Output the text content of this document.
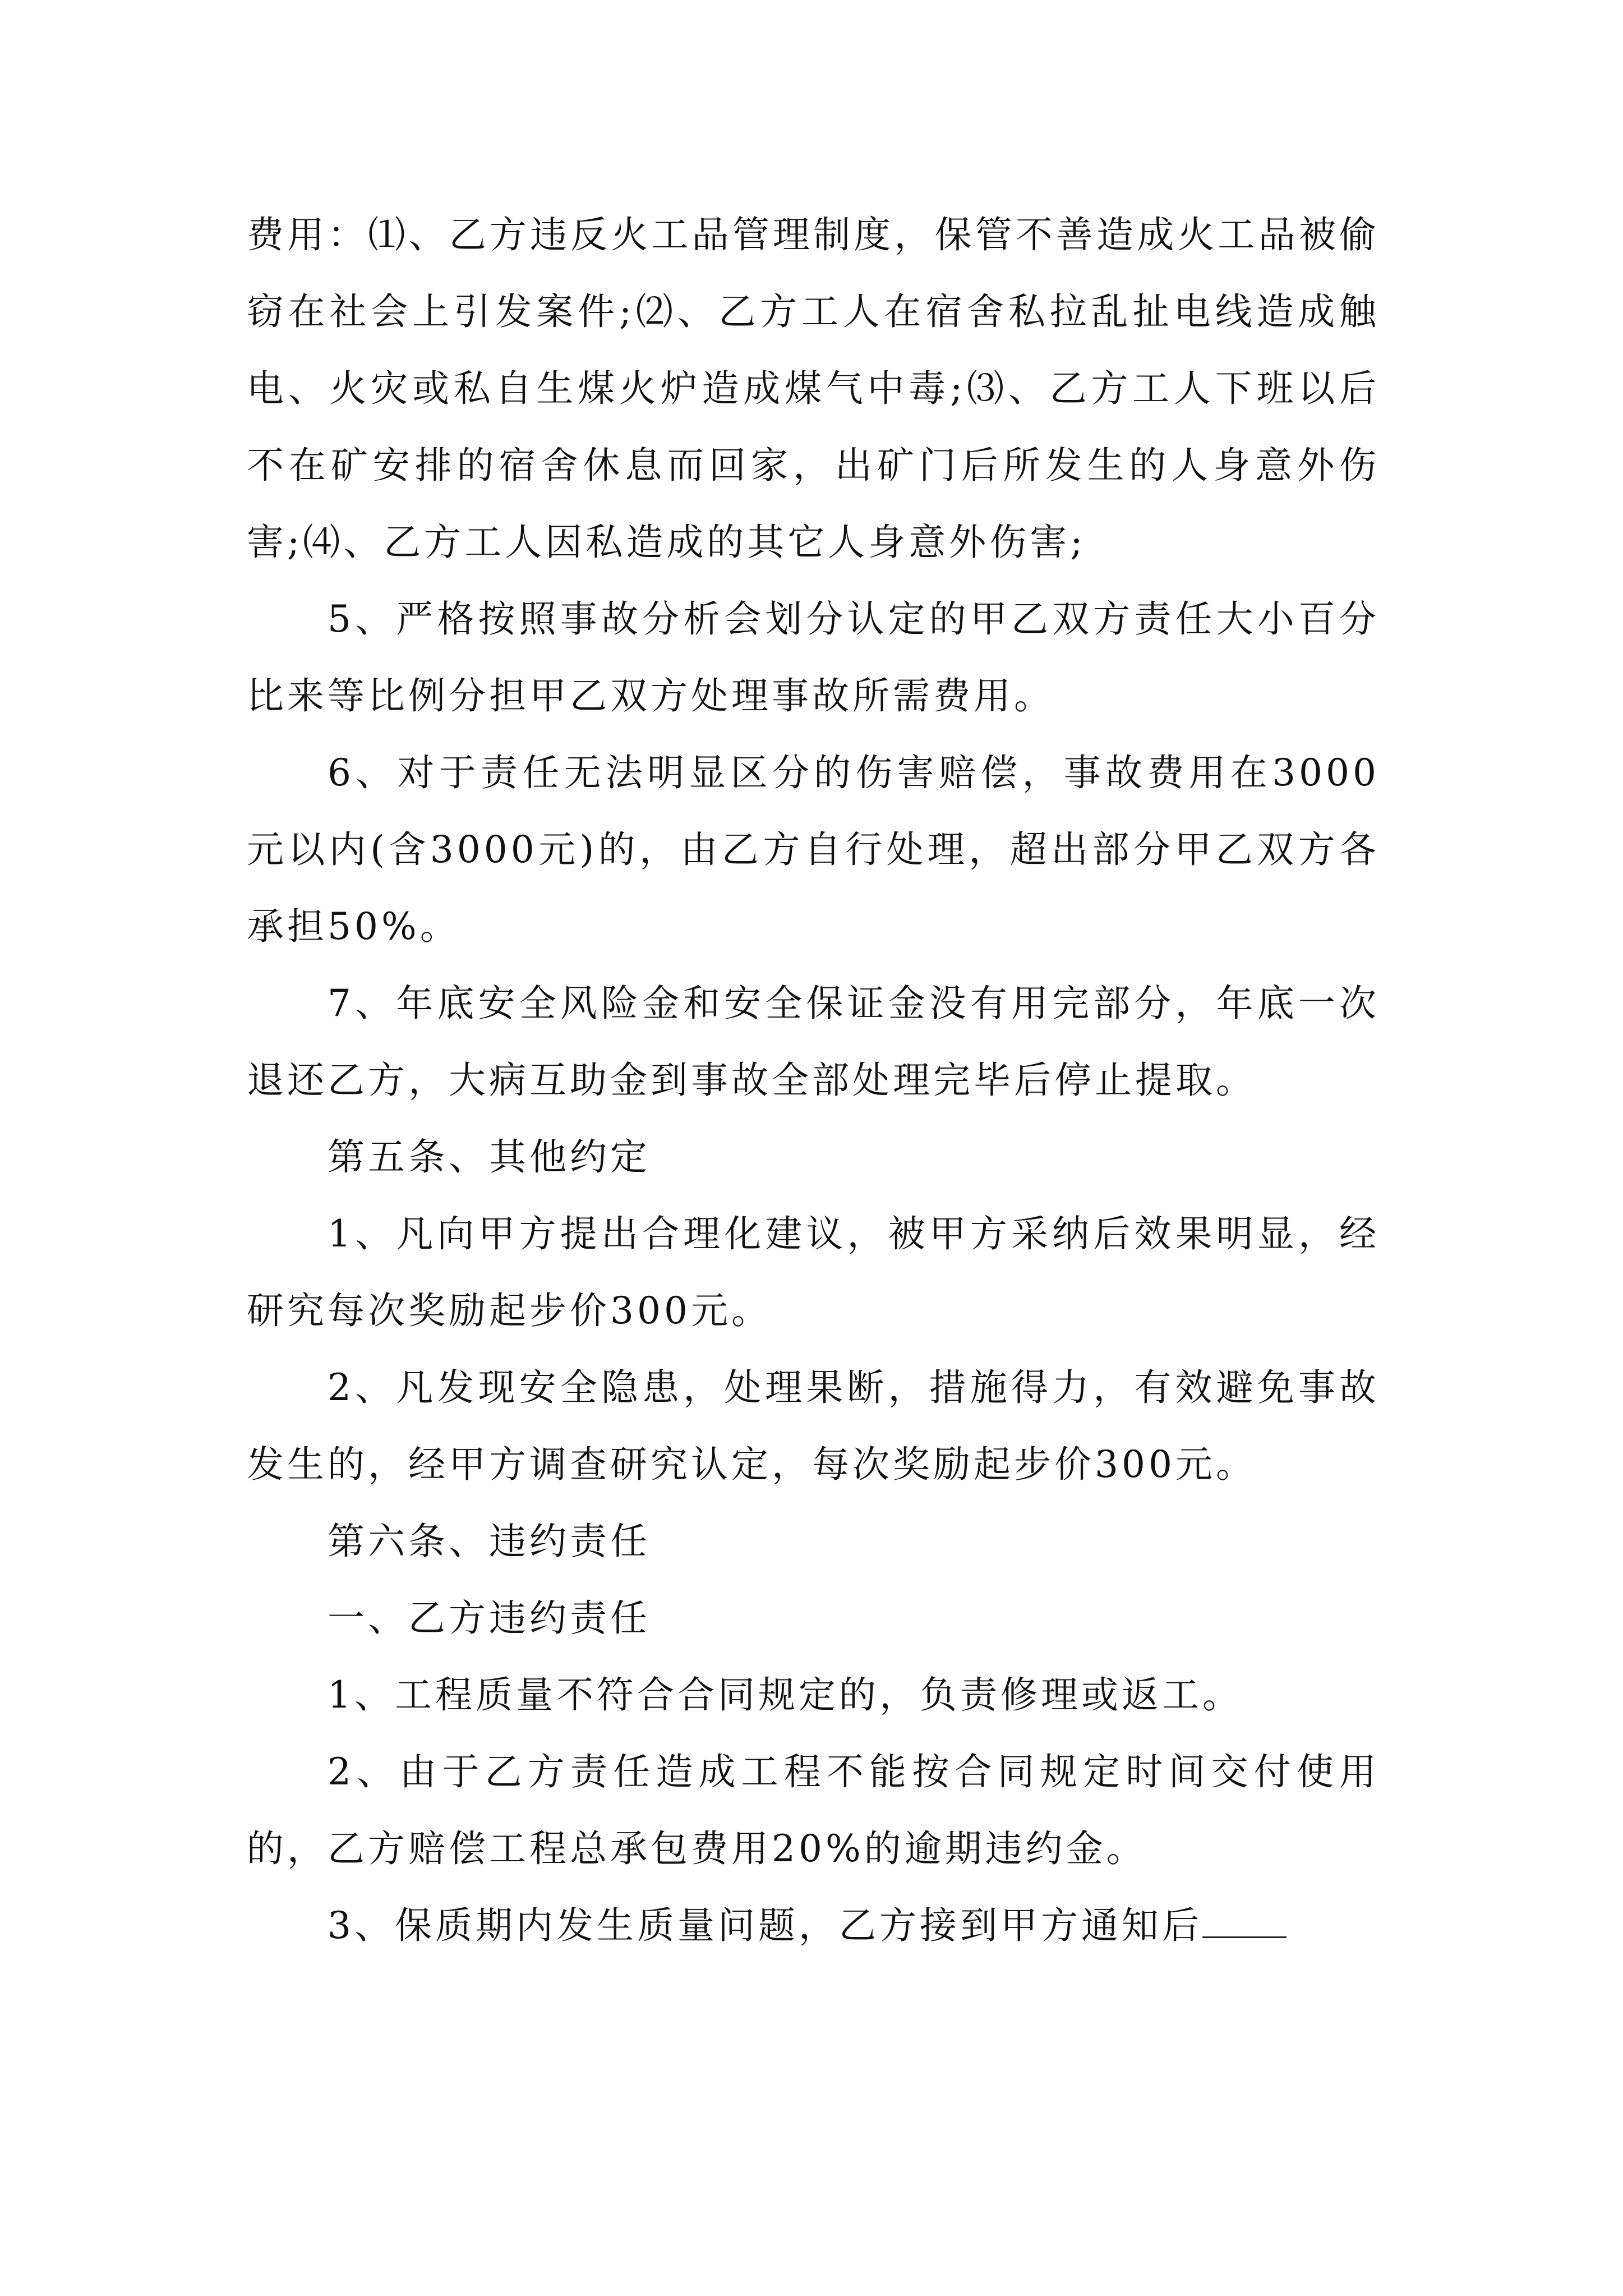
费用：⑴、乙方违反火工品管理制度，保管不善造成火工品被偷窃在社会上引发案件;⑵、乙方工人在宿舍私拉乱扯电线造成触电、火灾或私自生煤火炉造成煤气中毒;⑶、乙方工人下班以后不在矿安排的宿舍休息而回家，出矿门后所发生的人身意外伤害;⑷、乙方工人因私造成的其它人身意外伤害;

5、严格按照事故分析会划分认定的甲乙双方责任大小百分比来等比例分担甲乙双方处理事故所需费用。

6、对于责任无法明显区分的伤害赔偿，事故费用在3000元以内(含3000元)的，由乙方自行处理，超出部分甲乙双方各承担50%。

7、年底安全风险金和安全保证金没有用完部分，年底一次退还乙方，大病互助金到事故全部处理完毕后停止提取。

第五条、其他约定

1、凡向甲方提出合理化建议，被甲方采纳后效果明显，经研究每次奖励起步价300元。

2、凡发现安全隐患，处理果断，措施得力，有效避免事故发生的，经甲方调查研究认定，每次奖励起步价300元。

第六条、违约责任

一、乙方违约责任

1、工程质量不符合合同规定的，负责修理或返工。

2、由于乙方责任造成工程不能按合同规定时间交付使用的，乙方赔偿工程总承包费用20%的逾期违约金。

3、保质期内发生质量问题，乙方接到甲方通知后
